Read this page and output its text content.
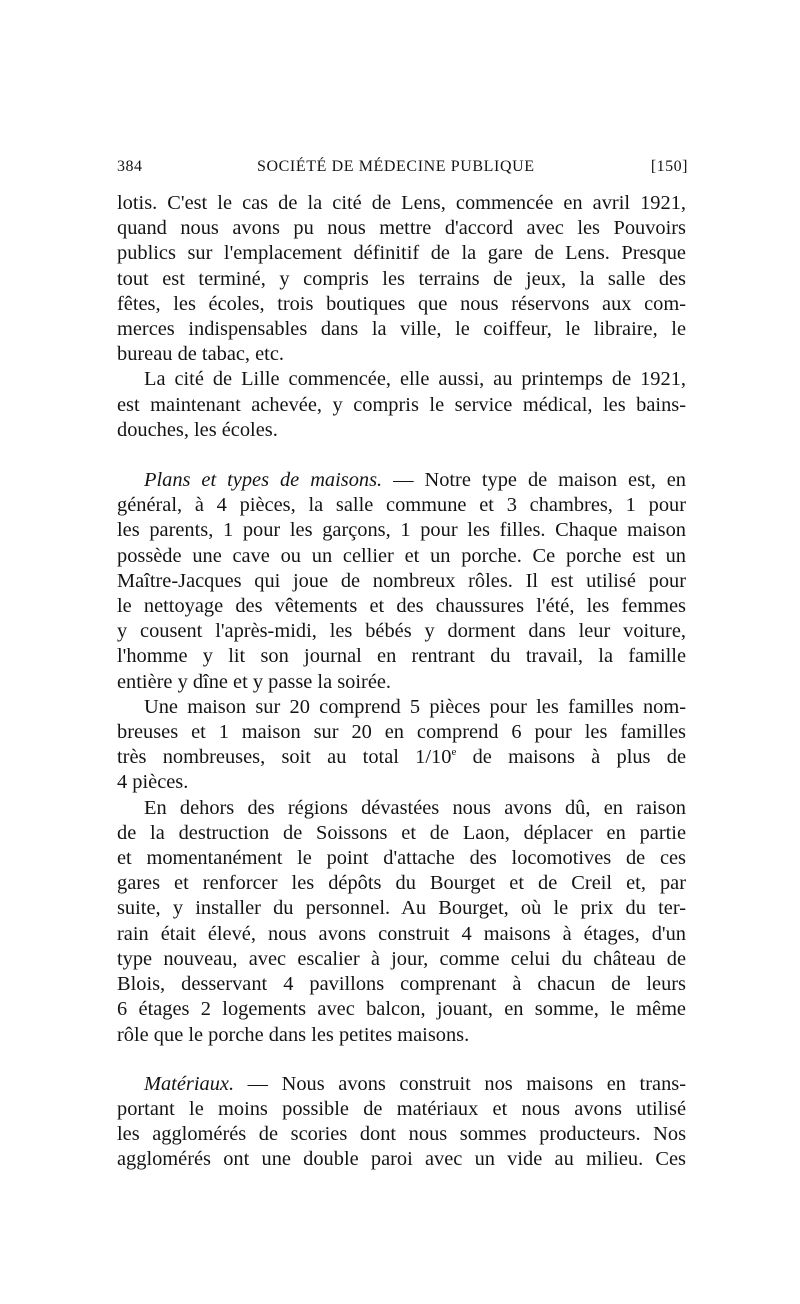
384	SOCIÉTÉ DE MÉDECINE PUBLIQUE	[150]
lotis. C'est le cas de la cité de Lens, commencée en avril 1921,
quand nous avons pu nous mettre d'accord avec les Pouvoirs
publics sur l'emplacement définitif de la gare de Lens. Presque
tout est terminé, y compris les terrains de jeux, la salle des
fêtes, les écoles, trois boutiques que nous réservons aux com-
merces indispensables dans la ville, le coiffeur, le libraire, le
bureau de tabac, etc.
La cité de Lille commencée, elle aussi, au printemps de 1921,
est maintenant achevée, y compris le service médical, les bains-
douches, les écoles.
Plans et types de maisons. — Notre type de maison est, en
général, à 4 pièces, la salle commune et 3 chambres, 1 pour
les parents, 1 pour les garçons, 1 pour les filles. Chaque maison
possède une cave ou un cellier et un porche. Ce porche est un
Maître-Jacques qui joue de nombreux rôles. Il est utilisé pour
le nettoyage des vêtements et des chaussures l'été, les femmes
y cousent l'après-midi, les bébés y dorment dans leur voiture,
l'homme y lit son journal en rentrant du travail, la famille
entière y dîne et y passe la soirée.
Une maison sur 20 comprend 5 pièces pour les familles nom-
breuses et 1 maison sur 20 en comprend 6 pour les familles
très nombreuses, soit au total 1/10e de maisons à plus de
4 pièces.
En dehors des régions dévastées nous avons dû, en raison
de la destruction de Soissons et de Laon, déplacer en partie
et momentanément le point d'attache des locomotives de ces
gares et renforcer les dépôts du Bourget et de Creil et, par
suite, y installer du personnel. Au Bourget, où le prix du ter-
rain était élevé, nous avons construit 4 maisons à étages, d'un
type nouveau, avec escalier à jour, comme celui du château de
Blois, desservant 4 pavillons comprenant à chacun de leurs
6 étages 2 logements avec balcon, jouant, en somme, le même
rôle que le porche dans les petites maisons.
Matériaux. — Nous avons construit nos maisons en trans-
portant le moins possible de matériaux et nous avons utilisé
les agglomérés de scories dont nous sommes producteurs. Nos
agglomérés ont une double paroi avec un vide au milieu. Ces
